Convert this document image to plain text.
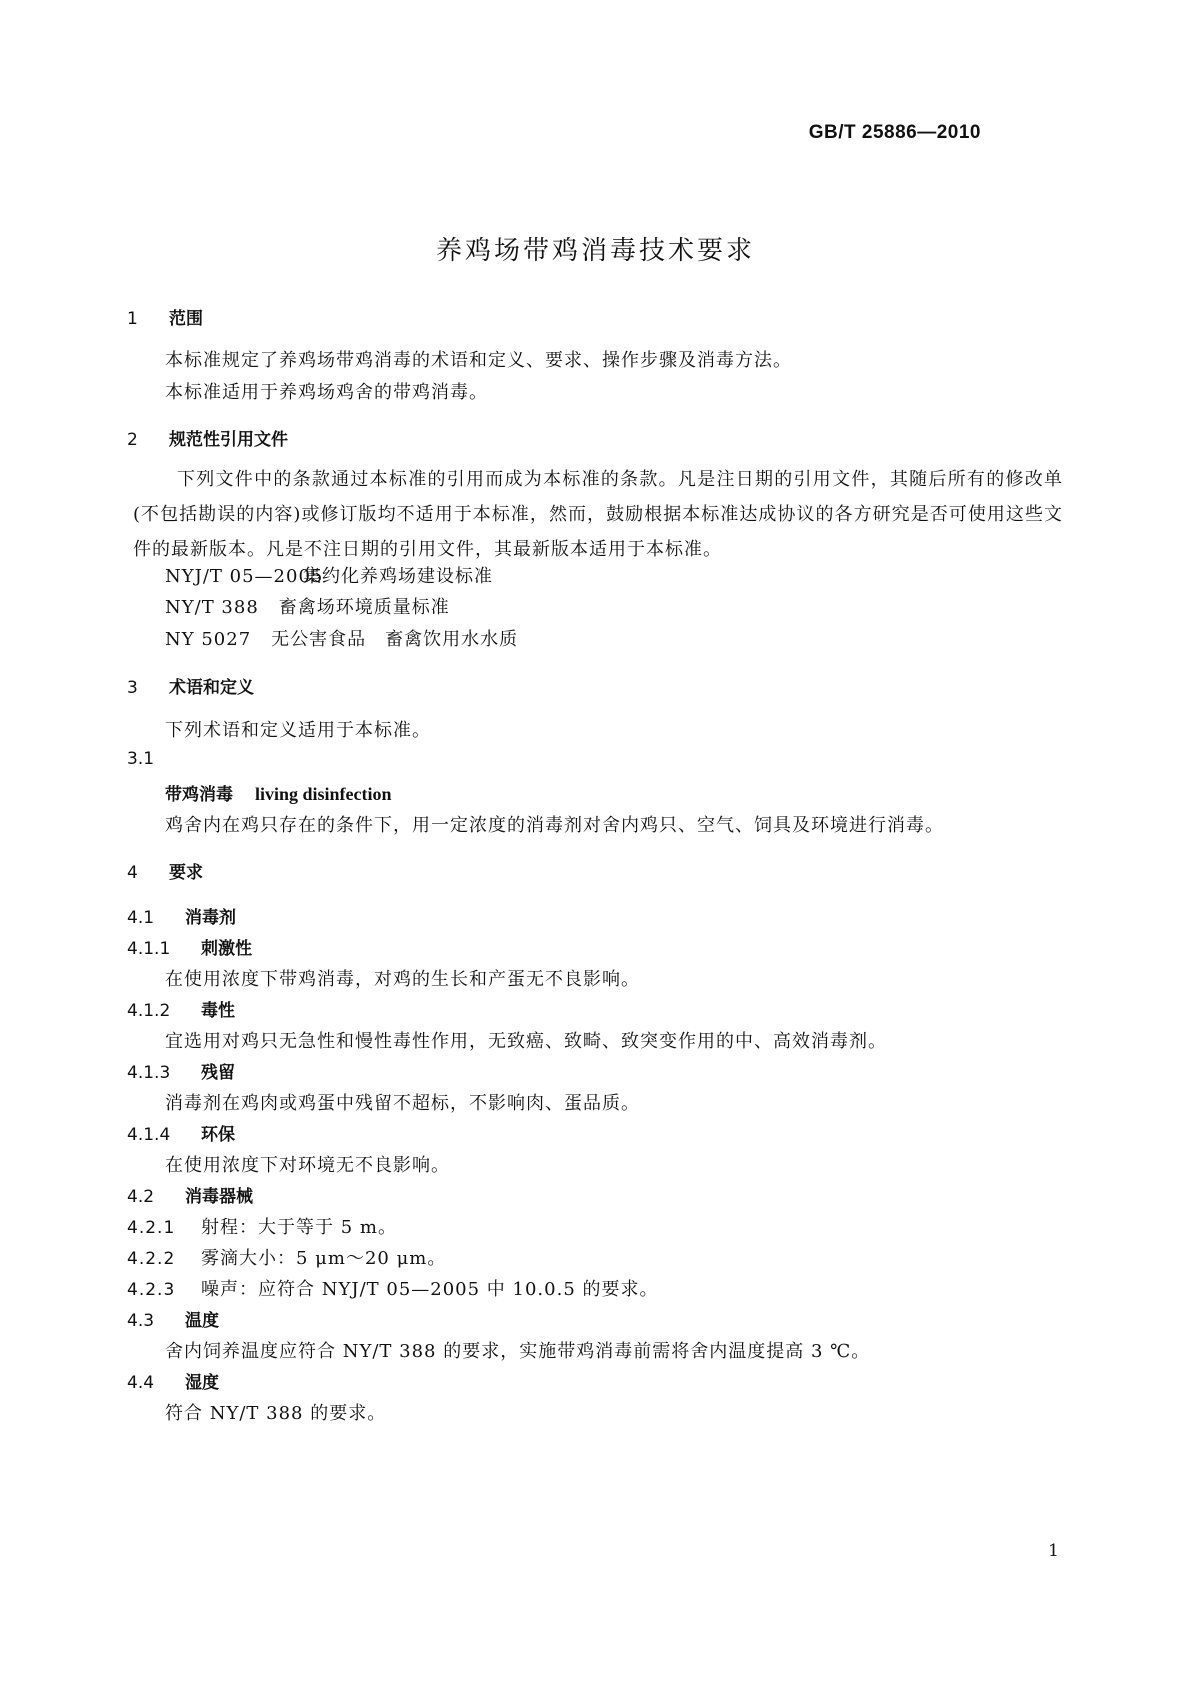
GB/T 25886—2010
养鸡场带鸡消毒技术要求
1 范围
本标准规定了养鸡场带鸡消毒的术语和定义、要求、操作步骤及消毒方法。
本标准适用于养鸡场鸡舍的带鸡消毒。
2 规范性引用文件
下列文件中的条款通过本标准的引用而成为本标准的条款。凡是注日期的引用文件，其随后所有的修改单(不包括勘误的内容)或修订版均不适用于本标准，然而，鼓励根据本标准达成协议的各方研究是否可使用这些文件的最新版本。凡是不注日期的引用文件，其最新版本适用于本标准。
NYJ/T 05—2005集约化养鸡场建设标准
NY/T 388 畜禽场环境质量标准
NY 5027 无公害食品　畜禽饮用水水质
3 术语和定义
下列术语和定义适用于本标准。
3.1
带鸡消毒 living disinfection
鸡舍内在鸡只存在的条件下，用一定浓度的消毒剂对舍内鸡只、空气、饲具及环境进行消毒。
4 要求
4.1 消毒剂
4.1.1 刺激性
在使用浓度下带鸡消毒，对鸡的生长和产蛋无不良影响。
4.1.2 毒性
宜选用对鸡只无急性和慢性毒性作用，无致癌、致畸、致突变作用的中、高效消毒剂。
4.1.3 残留
消毒剂在鸡肉或鸡蛋中残留不超标，不影响肉、蛋品质。
4.1.4 环保
在使用浓度下对环境无不良影响。
4.2 消毒器械
4.2.1 射程：大于等于 5 m。
4.2.2 雾滴大小：5 μm～20 μm。
4.2.3 噪声：应符合 NYJ/T 05—2005 中 10.0.5 的要求。
4.3 温度
舍内饲养温度应符合 NY/T 388 的要求，实施带鸡消毒前需将舍内温度提高 3 ℃。
4.4 湿度
符合 NY/T 388 的要求。
1
